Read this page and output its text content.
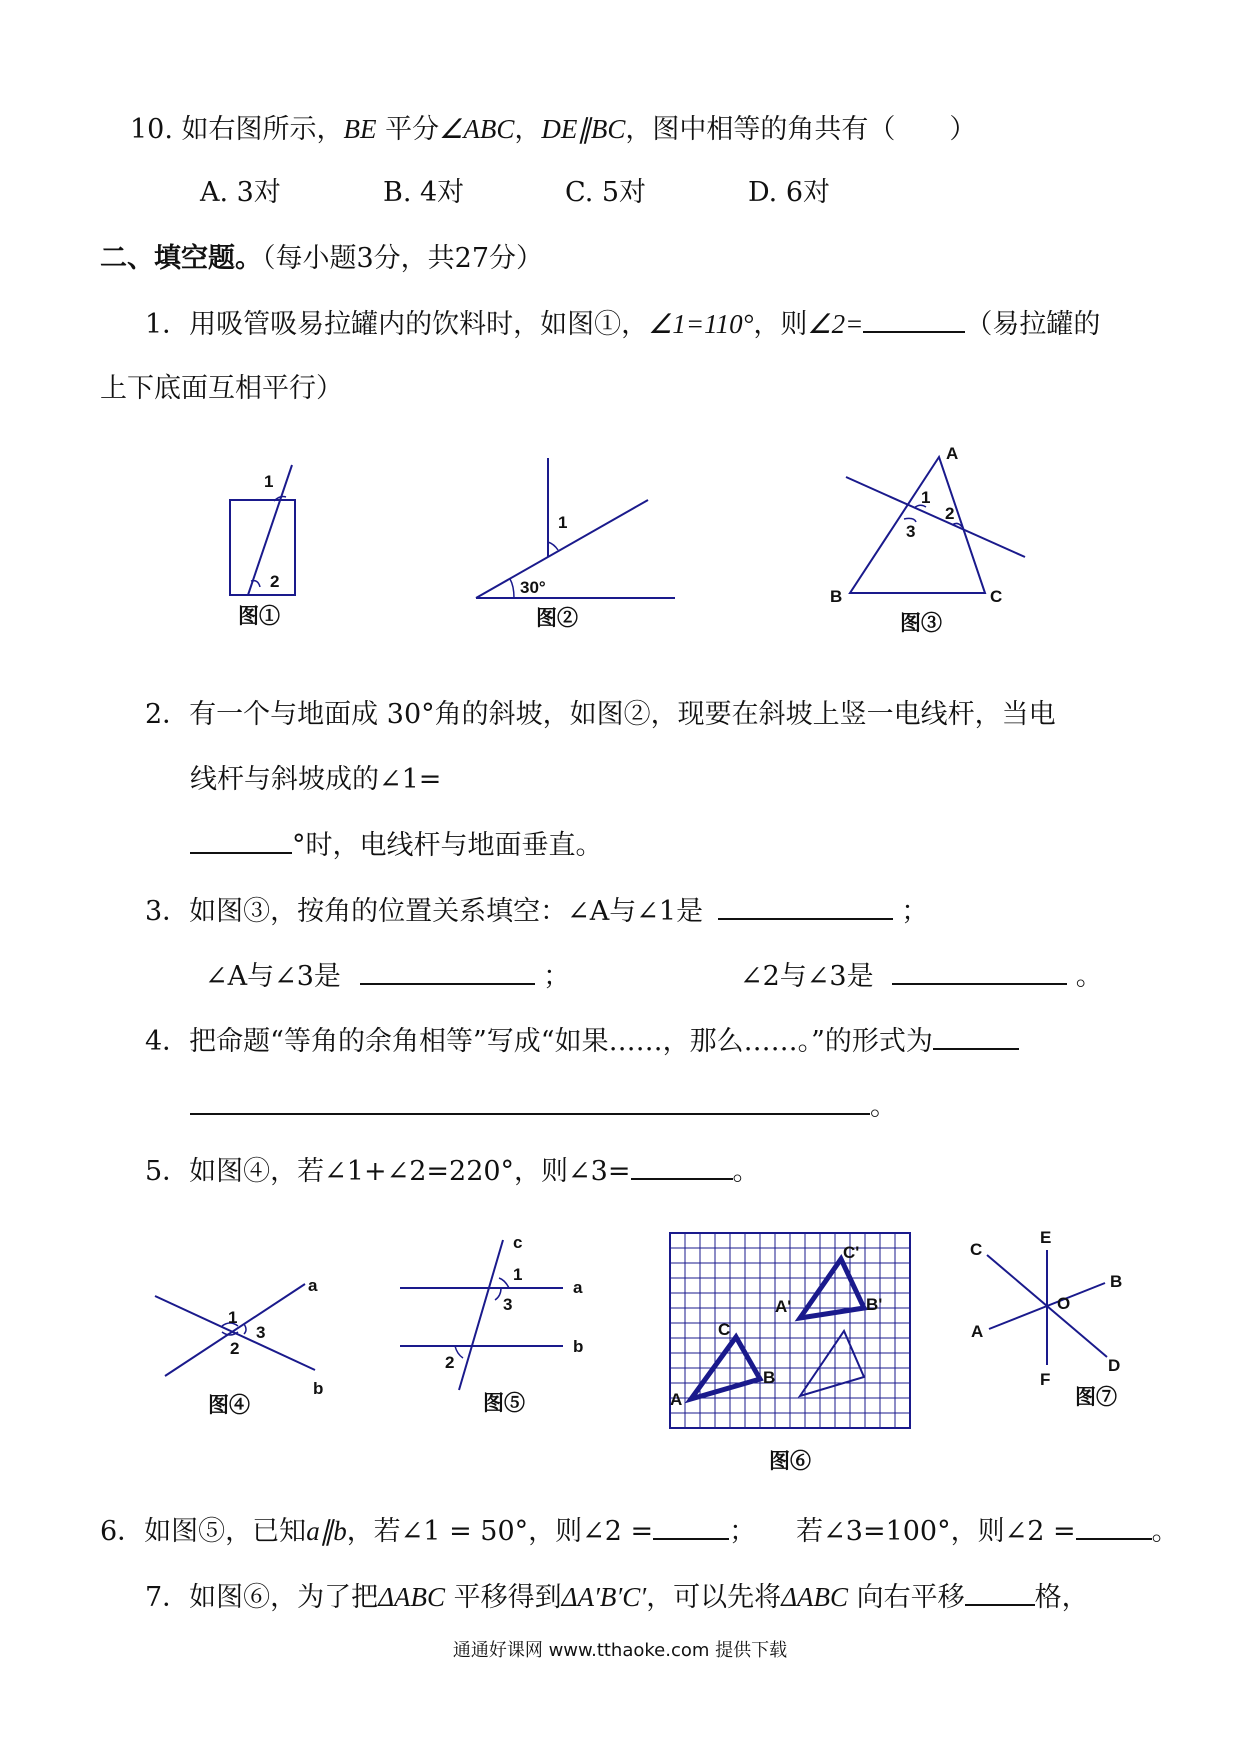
10. 如右图所示，BE 平分∠ABC，DE∥BC，图中相等的角共有（　　）
A. 3对	B. 4对	C. 5对	D. 6对
二、填空题。（每小题3分，共27分）
1．用吸管吸易拉罐内的饮料时，如图①，∠1=110°，则∠2=	（易拉罐的
上下底面互相平行）
1
2
图①
1
30°
图②
A
1
2
3
B	C
图③
2．有一个与地面成 30°角的斜坡，如图②，现要在斜坡上竖一电线杆，当电
线杆与斜坡成的∠1=
°时，电线杆与地面垂直。
3．如图③，按角的位置关系填空：∠A与∠1是	；
∠A与∠3是	；	∠2与∠3是	。
4．把命题“等角的余角相等”写成“如果……，那么……。”的形式为
。
5．如图④，若∠1+∠2=220°，则∠3=	。
a
1
3
2
b
图④
c
1
3
a
2
b
图⑤
C'
A'	B'
C
B
A
图⑥
E
C
B
O
A
D
F
图⑦
6．如图⑤，已知a∥b，若∠1 = 50°，则∠2 =	； 若∠3=100°，则∠2 =	。
7．如图⑥，为了把ΔABC 平移得到ΔA′B′C′，可以先将ΔABC 向右平移	格，
通通好课网 www.tthaoke.com 提供下载
